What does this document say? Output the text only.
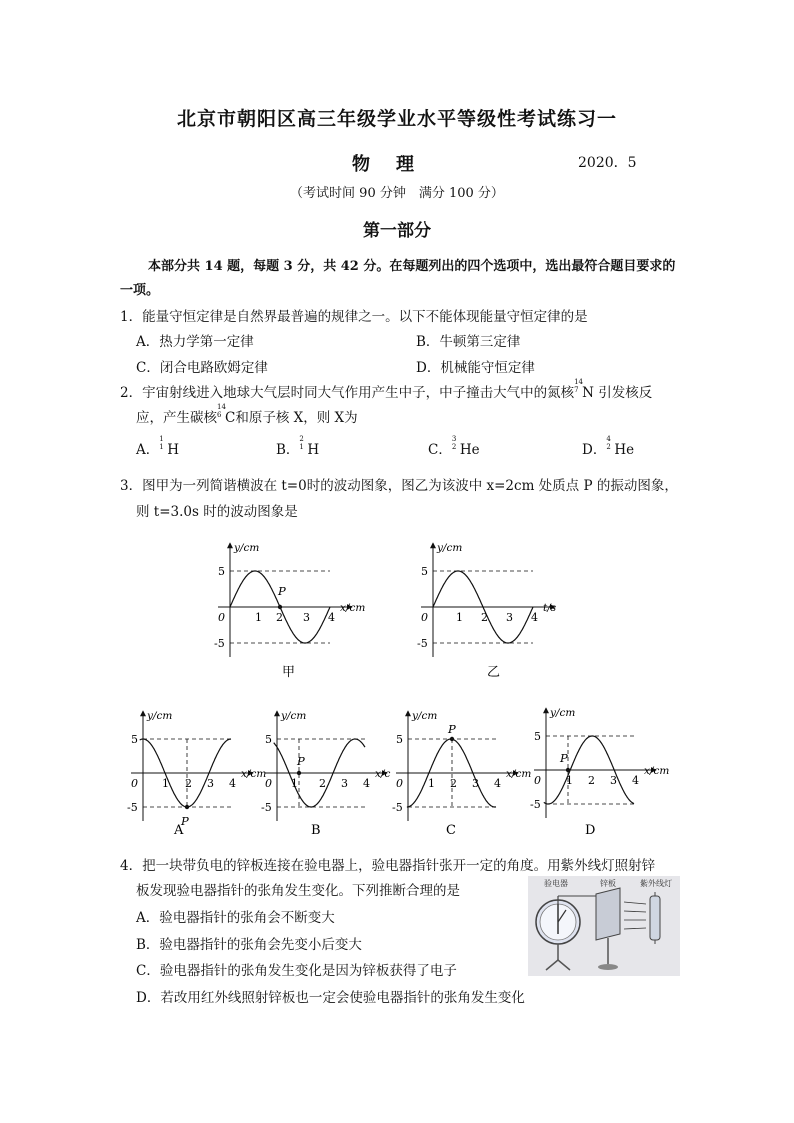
北京市朝阳区高三年级学业水平等级性考试练习一
物理	2020．5
（考试时间 90 分钟　满分 100 分）
第一部分
本部分共 14 题，每题 3 分，共 42 分。在每题列出的四个选项中，选出最符合题目要求的一项。
1．能量守恒定律是自然界最普遍的规律之一。以下不能体现能量守恒定律的是
A．热力学第一定律	B．牛顿第三定律
C．闭合电路欧姆定律	D．机械能守恒定律
2．宇宙射线进入地球大气层时同大气作用产生中子，中子撞击大气中的氮核
14
7 N 引发核反
应，产生碳核
14
6 C和原子核 X，则 X为
A．
1
1 H	B．
2
1 H	C．
3
2 He	D．
4
2 He
3．图甲为一列简谐横波在 t=0时的波动图象，图乙为该波中 x=2cm 处质点 P 的振动图象，
则 t=3.0s 时的波动图象是
y/cm
x/cm
0
5
-5
1 2 3 4
P
甲
y/cm
t/s
0
5
-5
1 2 3 4
乙
y/cm
x/cm
0
5
-5
1 2 3 4
P
A
y/cm
x/c
0
5
-5
1 2 3 4
P
B
y/cm
x/cm
0
5
-5
1 2 3 4
P
C
y/cm
x/cm
0
5
-5
1 2 3 4
P
D
4．把一块带负电的锌板连接在验电器上，验电器指针张开一定的角度。用紫外线灯照射锌
板发现验电器指针的张角发生变化。下列推断合理的是
A．验电器指针的张角会不断变大
B．验电器指针的张角会先变小后变大
C．验电器指针的张角发生变化是因为锌板获得了电子
D．若改用红外线照射锌板也一定会使验电器指针的张角发生变化
验电器	锌板	紫外线灯
